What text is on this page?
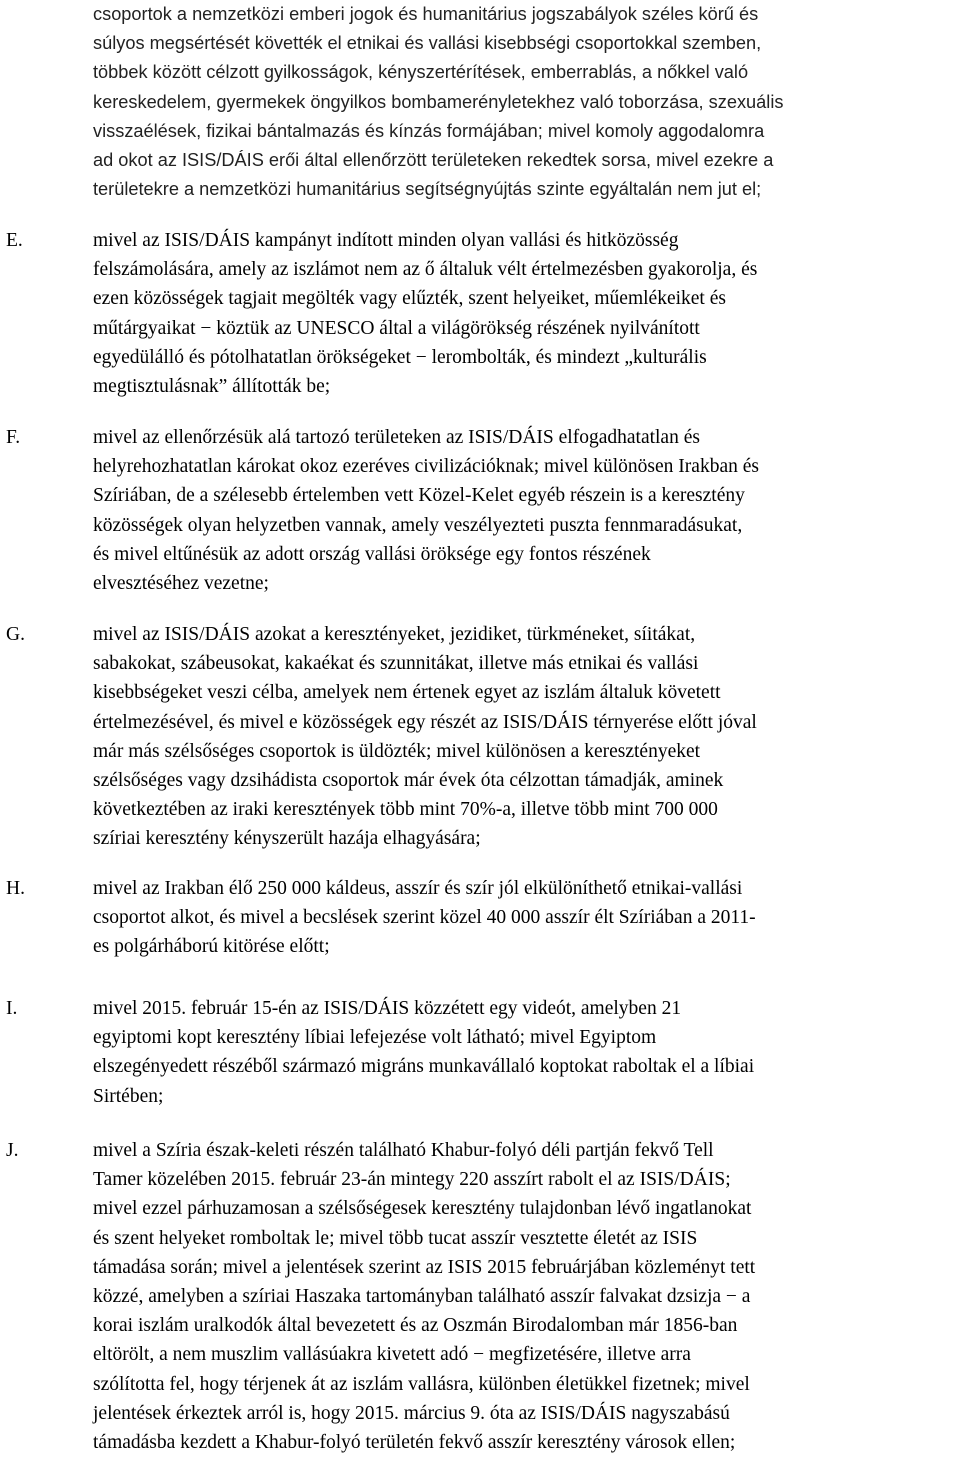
csoportok a nemzetközi emberi jogok és humanitárius jogszabályok széles körű és
súlyos megsértését követték el etnikai és vallási kisebbségi csoportokkal szemben,
többek között célzott gyilkosságok, kényszertérítések, emberrablás, a nőkkel való
kereskedelem, gyermekek öngyilkos bombamerényletekhez való toborzása, szexuális
visszaélések, fizikai bántalmazás és kínzás formájában; mivel komoly aggodalomra
ad okot az ISIS/DÁIS erői által ellenőrzött területeken rekedtek sorsa, mivel ezekre a
területekre a nemzetközi humanitárius segítségnyújtás szinte egyáltalán nem jut el;
E.	mivel az ISIS/DÁIS kampányt indított minden olyan vallási és hitközösség
felszámolására, amely az iszlámot nem az ő általuk vélt értelmezésben gyakorolja, és
ezen közösségek tagjait megölték vagy elűzték, szent helyeiket, műemlékeiket és
műtárgyaikat − köztük az UNESCO által a világörökség részének nyilvánított
egyedülálló és pótolhatatlan örökségeket − lerombolták, és mindezt „kulturális
megtisztulásnak” állították be;
F.	mivel az ellenőrzésük alá tartozó területeken az ISIS/DÁIS elfogadhatatlan és
helyrehozhatatlan károkat okoz ezeréves civilizációknak; mivel különösen Irakban és
Szíriában, de a szélesebb értelemben vett Közel-Kelet egyéb részein is a keresztény
közösségek olyan helyzetben vannak, amely veszélyezteti puszta fennmaradásukat,
és mivel eltűnésük az adott ország vallási öröksége egy fontos részének
elvesztéséhez vezetne;
G.	mivel az ISIS/DÁIS azokat a keresztényeket, jezidiket, türkméneket, síitákat,
sabakokat, szábeusokat, kakaékat és szunnitákat, illetve más etnikai és vallási
kisebbségeket veszi célba, amelyek nem értenek egyet az iszlám általuk követett
értelmezésével, és mivel e közösségek egy részét az ISIS/DÁIS térnyerése előtt jóval
már más szélsőséges csoportok is üldözték; mivel különösen a keresztényeket
szélsőséges vagy dzsihádista csoportok már évek óta célzottan támadják, aminek
következtében az iraki keresztények több mint 70%-a, illetve több mint 700 000
szíriai keresztény kényszerült hazája elhagyására;
H.	mivel az Irakban élő 250 000 káldeus, asszír és szír jól elkülöníthető etnikai-vallási
csoportot alkot, és mivel a becslések szerint közel 40 000 asszír élt Szíriában a 2011-
es polgárháború kitörése előtt;
I.	mivel 2015. február 15-én az ISIS/DÁIS közzétett egy videót, amelyben 21
egyiptomi kopt keresztény líbiai lefejezése volt látható; mivel Egyiptom
elszegényedett részéből származó migráns munkavállaló koptokat raboltak el a líbiai
Sirtében;
J.	mivel a Szíria észak-keleti részén található Khabur-folyó déli partján fekvő Tell
Tamer közelében 2015. február 23-án mintegy 220 asszírt rabolt el az ISIS/DÁIS;
mivel ezzel párhuzamosan a szélsőségesek keresztény tulajdonban lévő ingatlanokat
és szent helyeket romboltak le; mivel több tucat asszír vesztette életét az ISIS
támadása során; mivel a jelentések szerint az ISIS 2015 februárjában közleményt tett
közzé, amelyben a szíriai Haszaka tartományban található asszír falvakat dzsizja − a
korai iszlám uralkodók által bevezetett és az Oszmán Birodalomban már 1856-ban
eltörölt, a nem muszlim vallásúakra kivetett adó − megfizetésére, illetve arra
szólította fel, hogy térjenek át az iszlám vallásra, különben életükkel fizetnek; mivel
jelentések érkeztek arról is, hogy 2015. március 9. óta az ISIS/DÁIS nagyszabású
támadásba kezdett a Khabur-folyó területén fekvő asszír keresztény városok ellen;
